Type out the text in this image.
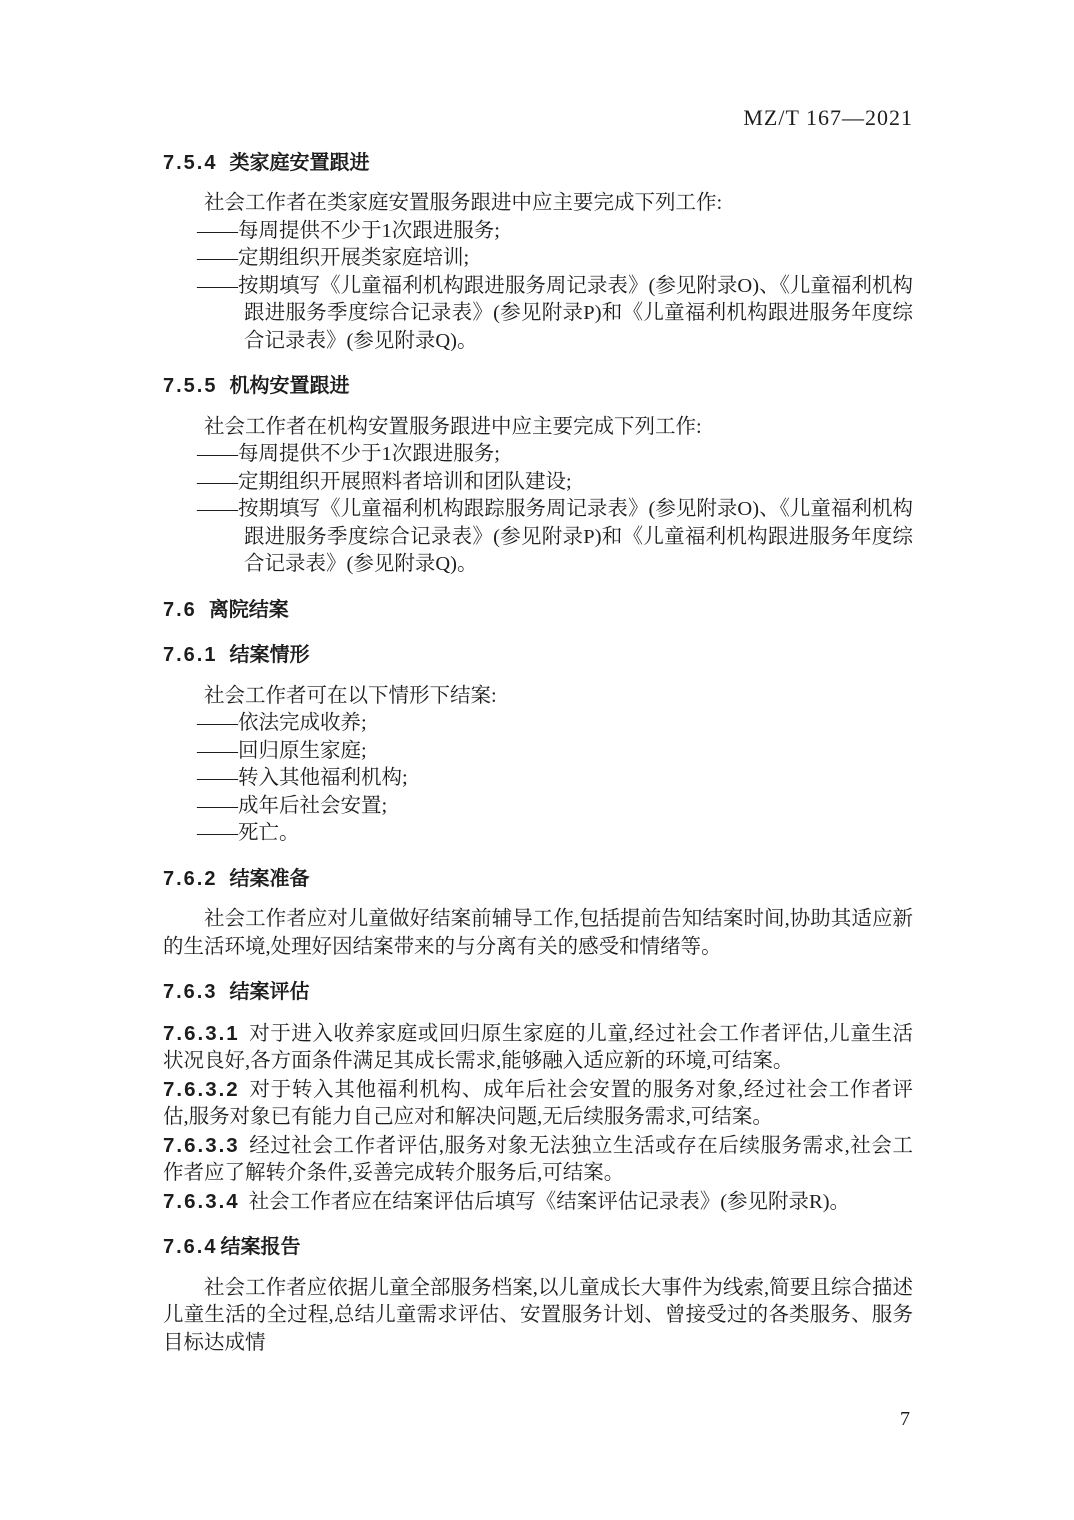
MZ/T 167—2021
7.5.4 类家庭安置跟进

社会工作者在类家庭安置服务跟进中应主要完成下列工作:

——每周提供不少于1次跟进服务;

——定期组织开展类家庭培训;

——按期填写《儿童福利机构跟进服务周记录表》(参见附录O)、《儿童福利机构跟进服务季度综合记录表》(参见附录P)和《儿童福利机构跟进服务年度综合记录表》(参见附录Q)。

7.5.5 机构安置跟进

社会工作者在机构安置服务跟进中应主要完成下列工作:

——每周提供不少于1次跟进服务;

——定期组织开展照料者培训和团队建设;

——按期填写《儿童福利机构跟踪服务周记录表》(参见附录O)、《儿童福利机构跟进服务季度综合记录表》(参见附录P)和《儿童福利机构跟进服务年度综合记录表》(参见附录Q)。

7.6 离院结案
7.6.1 结案情形

社会工作者可在以下情形下结案:

——依法完成收养;

——回归原生家庭;

——转入其他福利机构;

——成年后社会安置;

——死亡。

7.6.2 结案准备

社会工作者应对儿童做好结案前辅导工作,包括提前告知结案时间,协助其适应新的生活环境,处理好因结案带来的与分离有关的感受和情绪等。

7.6.3 结案评估

7.6.3.1 对于进入收养家庭或回归原生家庭的儿童,经过社会工作者评估,儿童生活状况良好,各方面条件满足其成长需求,能够融入适应新的环境,可结案。

7.6.3.2 对于转入其他福利机构、成年后社会安置的服务对象,经过社会工作者评估,服务对象已有能力自己应对和解决问题,无后续服务需求,可结案。

7.6.3.3 经过社会工作者评估,服务对象无法独立生活或存在后续服务需求,社会工作者应了解转介条件,妥善完成转介服务后,可结案。

7.6.3.4 社会工作者应在结案评估后填写《结案评估记录表》(参见附录R)。

7.6.4 结案报告

社会工作者应依据儿童全部服务档案,以儿童成长大事件为线索,简要且综合描述儿童生活的全过程,总结儿童需求评估、安置服务计划、曾接受过的各类服务、服务目标达成情

7
